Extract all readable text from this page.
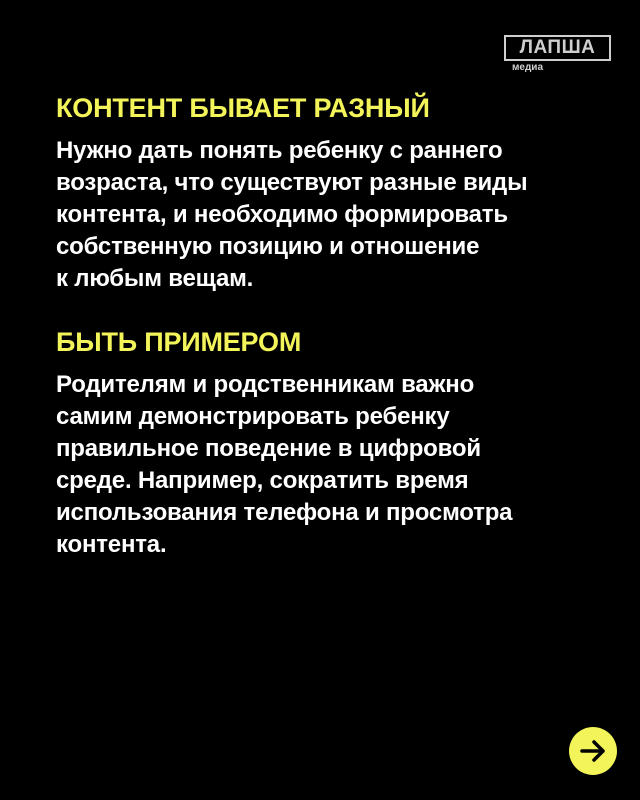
ЛАПША
медиа
КОНТЕНТ БЫВАЕТ РАЗНЫЙ

Нужно дать понять ребенку с раннего
возраста, что существуют разные виды
контента, и необходимо формировать
собственную позицию и отношение
к любым вещам.

БЫТЬ ПРИМЕРОМ

Родителям и родственникам важно
самим демонстрировать ребенку
правильное поведение в цифровой
среде. Например, сократить время
использования телефона и просмотра
контента.
